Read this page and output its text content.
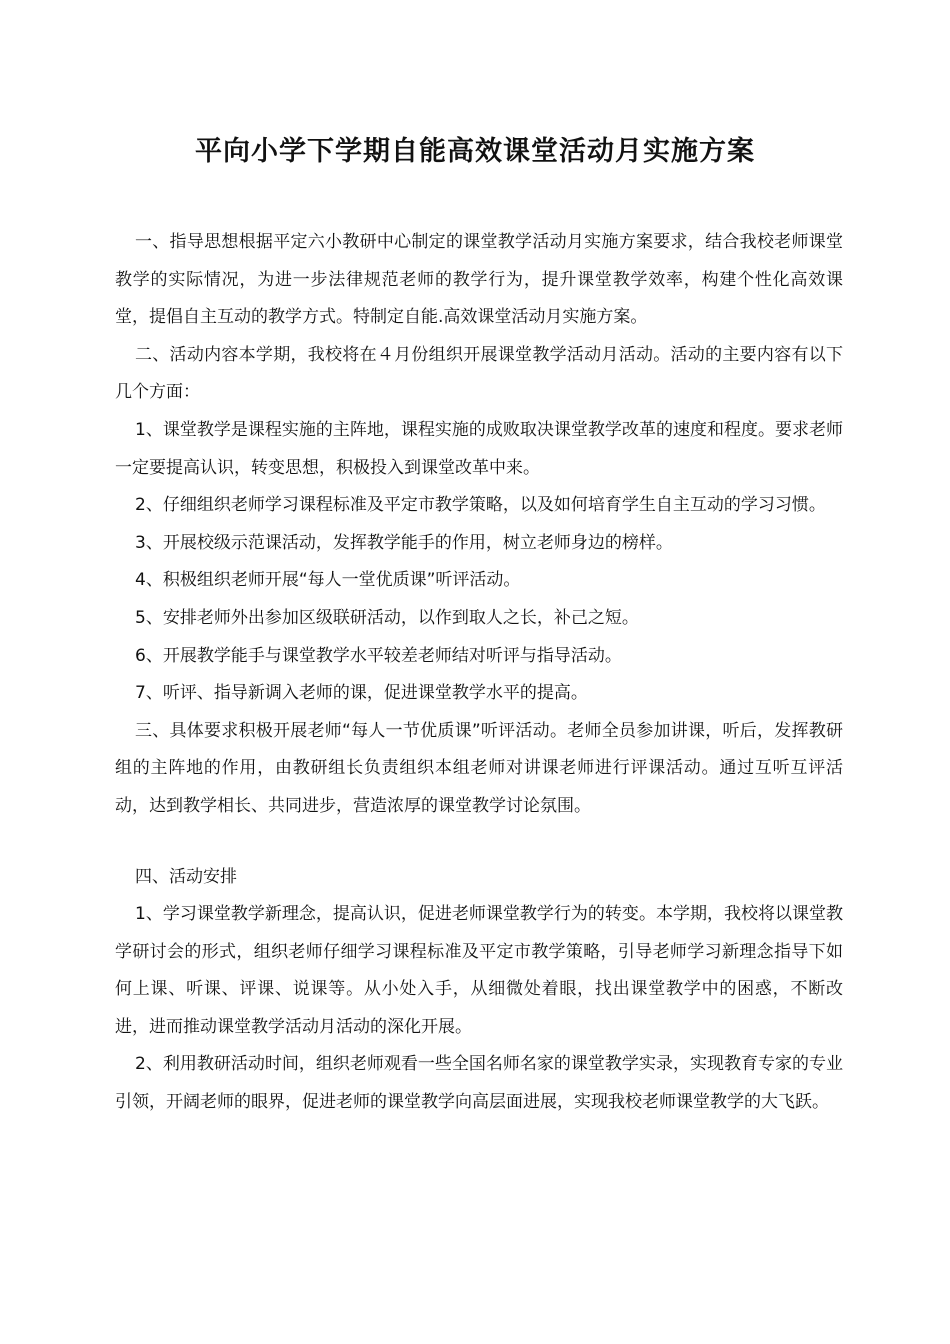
平向小学下学期自能高效课堂活动月实施方案

一、指导思想根据平定六小教研中心制定的课堂教学活动月实施方案要求，结合我校老师课堂教学的实际情况，为进一步法律规范老师的教学行为，提升课堂教学效率，构建个性化高效课堂，提倡自主互动的教学方式。特制定自能.高效课堂活动月实施方案。

二、活动内容本学期，我校将在４月份组织开展课堂教学活动月活动。活动的主要内容有以下几个方面：

1、课堂教学是课程实施的主阵地，课程实施的成败取决课堂教学改革的速度和程度。要求老师一定要提高认识，转变思想，积极投入到课堂改革中来。

2、仔细组织老师学习课程标准及平定市教学策略，以及如何培育学生自主互动的学习习惯。

3、开展校级示范课活动，发挥教学能手的作用，树立老师身边的榜样。

4、积极组织老师开展“每人一堂优质课”听评活动。

5、安排老师外出参加区级联研活动，以作到取人之长，补己之短。

6、开展教学能手与课堂教学水平较差老师结对听评与指导活动。

7、听评、指导新调入老师的课，促进课堂教学水平的提高。

三、具体要求积极开展老师“每人一节优质课”听评活动。老师全员参加讲课，听后，发挥教研组的主阵地的作用，由教研组长负责组织本组老师对讲课老师进行评课活动。通过互听互评活动，达到教学相长、共同进步，营造浓厚的课堂教学讨论氛围。

四、活动安排

1、学习课堂教学新理念，提高认识，促进老师课堂教学行为的转变。本学期，我校将以课堂教学研讨会的形式，组织老师仔细学习课程标准及平定市教学策略，引导老师学习新理念指导下如何上课、听课、评课、说课等。从小处入手，从细微处着眼，找出课堂教学中的困惑，不断改进，进而推动课堂教学活动月活动的深化开展。

2、利用教研活动时间，组织老师观看一些全国名师名家的课堂教学实录，实现教育专家的专业引领，开阔老师的眼界，促进老师的课堂教学向高层面进展，实现我校老师课堂教学的大飞跃。
